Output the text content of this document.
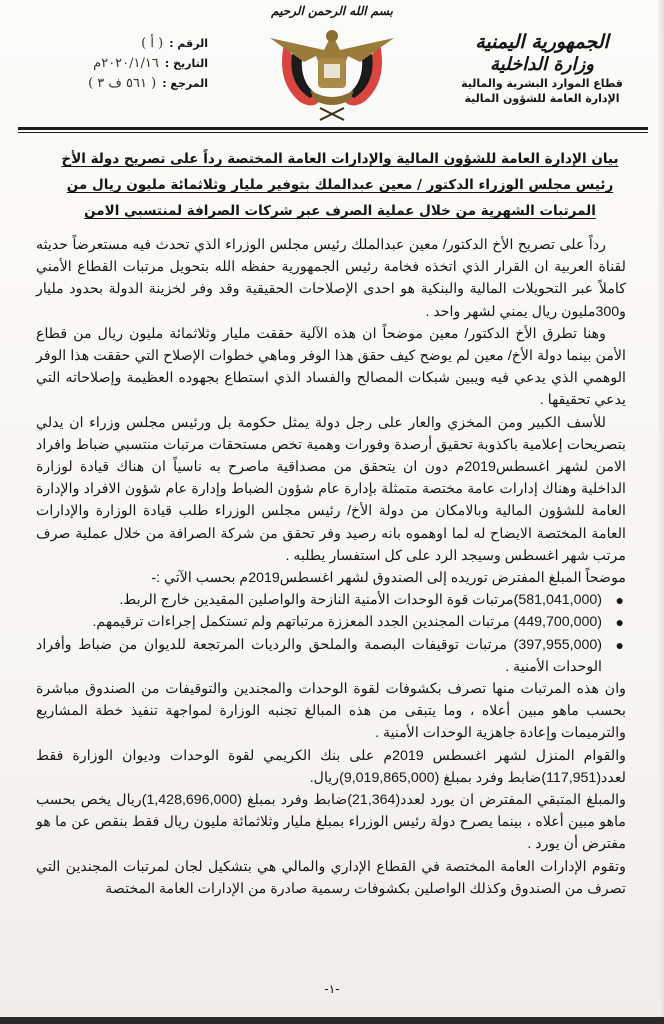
الجمهورية اليمنية
وزارة الداخلية
قطاع الموارد البشرية والمالية
الإدارة العامة للشؤون المالية
بسم الله الرحمن الرحيم
الرقم :
( أ )
التاريخ :
٢٠٢٠/١/١٦م
المرجع :
( ٥٦١ ف ٣ )
بيان الإدارة العامة للشؤون المالية والإدارات العامة المختصة رداً على تصريح دولة الأخ
رئيس مجلس الوزراء الدكتور / معين عبدالملك بتوفير مليار وثلاثمائة مليون ريال من
المرتبات الشهرية من خلال عملية الصرف عبر شركات الصرافة لمنتسبي الامن

رداً على تصريح الأخ الدكتور/ معين عبدالملك رئيس مجلس الوزراء الذي تحدث فيه مستعرضاً حديثه لقناة العربية ان القرار الذي اتخذه فخامة رئيس الجمهورية حفظه الله بتحويل مرتبات القطاع الأمني كاملاً عبر التحويلات المالية والبنكية هو احدى الإصلاحات الحقيقية وقد وفر لخزينة الدولة بحدود مليار و300مليون ريال يمني لشهر واحد .

وهنا تطرق الأخ الدكتور/ معين موضحاً ان هذه الآلية حققت مليار وثلاثمائة مليون ريال من قطاع الأمن بينما دولة الأخ/ معين لم يوضح كيف حقق هذا الوفر وماهي خطوات الإصلاح التي حققت هذا الوفر الوهمي الذي يدعي فيه ويبين شبكات المصالح والفساد الذي استطاع بجهوده العظيمة وإصلاحاته التي يدعي تحقيقها .

للأسف الكبير ومن المخزي والعار على رجل دولة يمثل حكومة بل ورئيس مجلس وزراء ان يدلي بتصريحات إعلامية باكذوبة تحقيق أرصدة وفورات وهمية تخص مستحقات مرتبات منتسبي ضباط وافراد الامن لشهر اغسطس2019م دون ان يتحقق من مصداقية ماصرح به ناسياً ان هناك قيادة لوزارة الداخلية وهناك إدارات عامة مختصة متمثلة بإدارة عام شؤون الضباط وإدارة عام شؤون الافراد والإدارة العامة للشؤون المالية وبالامكان من دولة الأخ/ رئيس مجلس الوزراء طلب قيادة الوزارة والإدارات العامة المختصة الايضاح له لما اوهموه بانه رصيد وفر تحقق من شركة الصرافة من خلال عملية صرف مرتب شهر اغسطس وسيجد الرد على كل استفسار يطلبه .

موضحاً المبلغ المفترض توريده إلى الصندوق لشهر اغسطس2019م بحسب الآتي :-

●
(581,041,000)مرتبات قوة الوحدات الأمنية النازحة والواصلين المقيدين خارج الربط.
●
(449,700,000) مرتبات المجندين الجدد المعززة مرتباتهم ولم تستكمل إجراءات ترقيمهم.
●
(397,955,000) مرتبات توقيفات البصمة والملحق والرديات المرتجعة للديوان من ضباط وأفراد الوحدات الأمنية .

وان هذه المرتبات منها تصرف بكشوفات لقوة الوحدات والمجندين والتوقيفات من الصندوق مباشرة بحسب ماهو مبين أعلاه ، وما يتبقى من هذه المبالغ تجنبه الوزارة لمواجهة تنفيذ خطة المشاريع والترميمات وإعادة جاهزية الوحدات الأمنية .

والقوام المنزل لشهر اغسطس 2019م على بنك الكريمي لقوة الوحدات وديوان الوزارة فقط لعدد(117,951)ضابط وفرد بمبلغ (9,019,865,000)ريال.

والمبلغ المتبقي المفترض ان يورد لعدد(21,364)ضابط وفرد بمبلغ (1,428,696,000)ريال يخص بحسب ماهو مبين أعلاه ، بينما يصرح دولة رئيس الوزراء بمبلغ مليار وثلاثمائة مليون ريال فقط بنقص عن ما هو مفترض أن يورد .

وتقوم الإدارات العامة المختصة في القطاع الإداري والمالي هي بتشكيل لجان لمرتبات المجندين التي تصرف من الصندوق وكذلك الواصلين بكشوفات رسمية صادرة من الإدارات العامة المختصة

-١-
